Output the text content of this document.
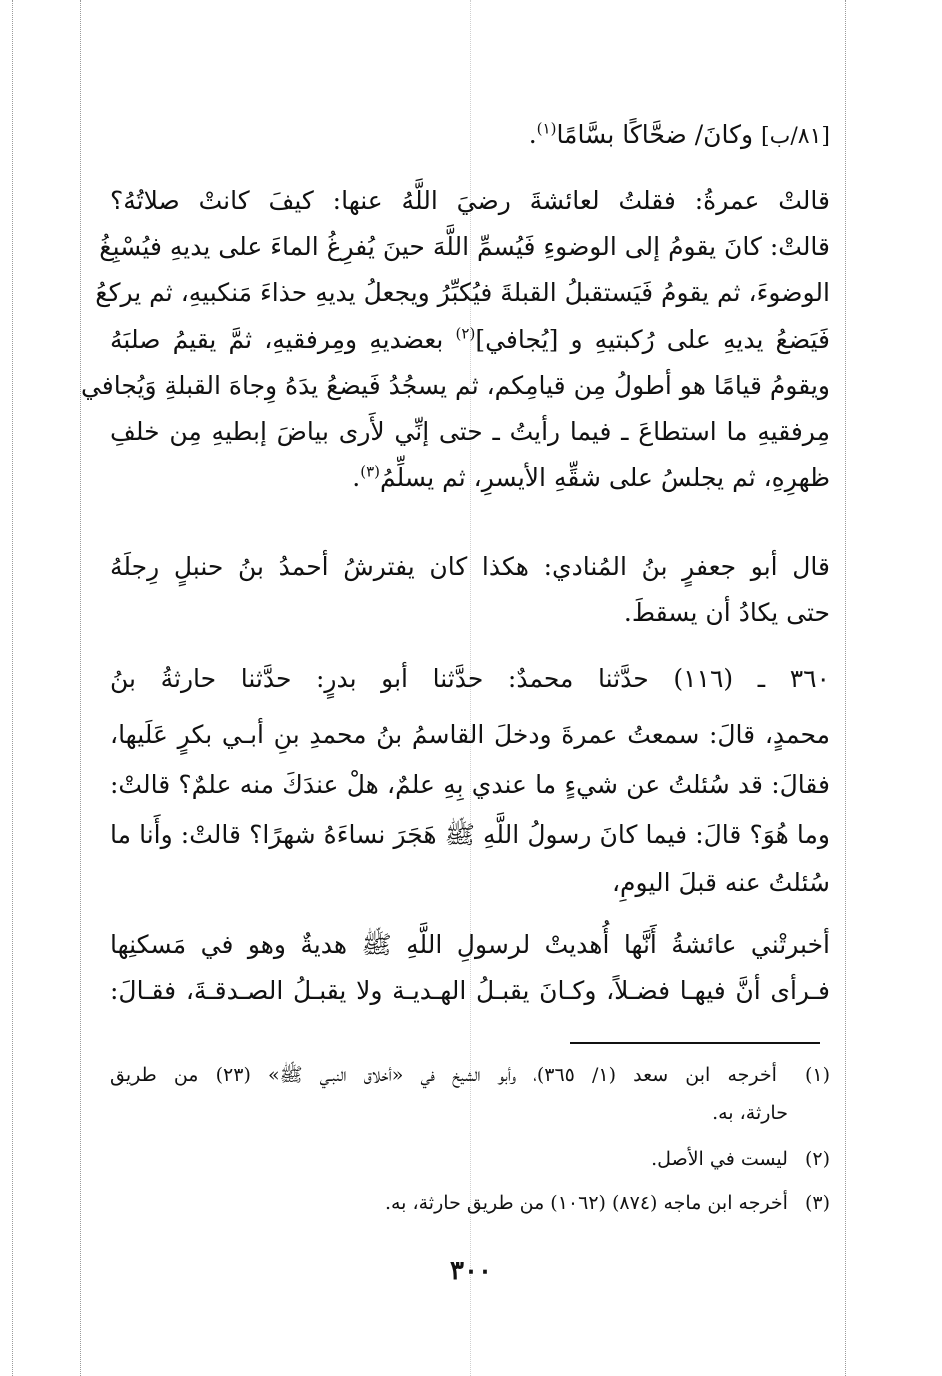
[٨١/ب] وكانَ/ ضحَّاكًا بسَّامًا$^{(١)}$.
قالتْ عمرةُ: فقلتُ لعائشةَ رضيَ اللَّهُ عنها: كيفَ كانتْ صلاتُهُ؟
قالتْ: كانَ يقومُ إلى الوضوءِ فَيُسمِّ اللَّهَ حينَ يُفرِغُ الماءَ على يديهِ فيُسْبِغُ
الوضوءَ، ثم يقومُ فَيَستقبلُ القبلةَ فيُكبِّرُ ويجعلُ يديهِ حذاءَ مَنكبيهِ، ثم يركعُ
فَيَضعُ يديهِ على رُكبتيهِ و [يُجافي]$^{(٢)}$ بعضديهِ ومِرفقيهِ، ثمَّ يقيمُ صلبَهُ
ويقومُ قيامًا هو أطولُ مِن قيامِكم، ثم يسجُدُ فَيضعُ يدَهُ وِجاهَ القبلةِ وَيُجافي
مِرفقيهِ ما استطاعَ ـ فيما رأيتُ ـ حتى إنِّي لأَرى بياضَ إبطيهِ مِن خلفِ
ظهرِهِ، ثم يجلسُ على شقِّهِ الأيسرِ، ثم يسلِّمُ$^{(٣)}$.
قال أبو جعفرٍ بنُ المُنادي: هكذا كان يفترشُ أحمدُ بنُ حنبلٍ رِجلَهُ
حتى يكادُ أن يسقطَ.
٣٦٠ ـ (١١٦) حدَّثنا محمدٌ: حدَّثنا أبو بدرٍ: حدَّثنا حارثةُ بنُ
محمدٍ، قالَ: سمعتُ عمرةَ ودخلَ القاسمُ بنُ محمدِ بنِ أبـي بكرٍ عَلَيها،
فقالَ: قد سُئلتُ عن شيءٍ ما عندي بِهِ علمٌ، هلْ عندَكَ منه علمٌ؟ قالتْ:
وما هُوَ؟ قالَ: فيما كانَ رسولُ اللَّهِ ﷺ هَجَرَ نساءَهُ شهرًا؟ قالتْ: وأَنا ما
سُئلتُ عنه قبلَ اليومِ،
أخبرتْني عائشةُ أَنَّها أُهديتْ لرسولِ اللَّهِ ﷺ هديةٌ وهو في مَسكنِها
فـرأى أنَّ فيهـا فضـلاً، وكـانَ يقبـلُ الهـديـة ولا يقبـلُ الصـدقـةَ، فقـالَ:
(١) أخرجه ابن سعد (١/ ٣٦٥)، وأبو الشيخ في «أخلاق النبـي ﷺ» (٢٣) من طريق
حارثة، به.
(٢) ليست في الأصل.
(٣) أخرجه ابن ماجه (٨٧٤) (١٠٦٢) من طريق حارثة، به.
٣٠٠
